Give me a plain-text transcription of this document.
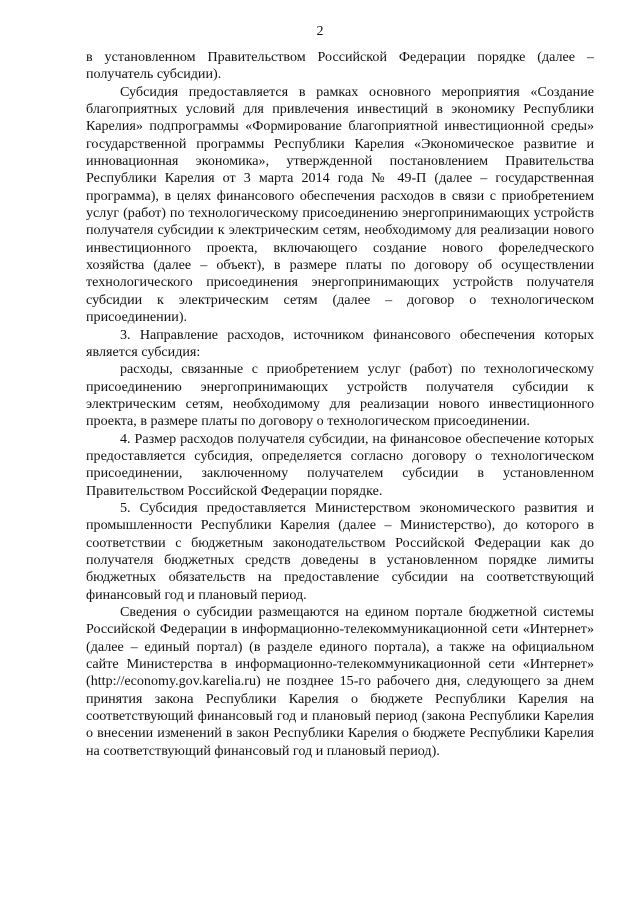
2

в установленном Правительством Российской Федерации порядке (далее – получатель субсидии).

Субсидия предоставляется в рамках основного мероприятия «Создание благоприятных условий для привлечения инвестиций в экономику Республики Карелия» подпрограммы «Формирование благоприятной инвестиционной среды» государственной программы Республики Карелия «Экономическое развитие и инновационная экономика», утвержденной постановлением Правительства Республики Карелия от 3 марта 2014 года № 49-П (далее – государственная программа), в целях финансового обеспечения расходов в связи с приобретением услуг (работ) по технологическому присоединению энергопринимающих устройств получателя субсидии к электрическим сетям, необходимому для реализации нового инвестиционного проекта, включающего создание нового фореледческого хозяйства (далее – объект), в размере платы по договору об осуществлении технологического присоединения энергопринимающих устройств получателя субсидии к электрическим сетям (далее – договор о технологическом присоединении).

3. Направление расходов, источником финансового обеспечения которых является субсидия:

расходы, связанные с приобретением услуг (работ) по технологическому присоединению энергопринимающих устройств получателя субсидии к электрическим сетям, необходимому для реализации нового инвестиционного проекта, в размере платы по договору о технологическом присоединении.

4. Размер расходов получателя субсидии, на финансовое обеспечение которых предоставляется субсидия, определяется согласно договору о технологическом присоединении, заключенному получателем субсидии в установленном Правительством Российской Федерации порядке.

5. Субсидия предоставляется Министерством экономического развития и промышленности Республики Карелия (далее – Министерство), до которого в соответствии с бюджетным законодательством Российской Федерации как до получателя бюджетных средств доведены в установленном порядке лимиты бюджетных обязательств на предоставление субсидии на соответствующий финансовый год и плановый период.

Сведения о субсидии размещаются на едином портале бюджетной системы Российской Федерации в информационно-телекоммуникационной сети «Интернет» (далее – единый портал) (в разделе единого портала), а также на официальном сайте Министерства в информационно-телекоммуникационной сети «Интернет» (http://economy.gov.karelia.ru) не позднее 15-го рабочего дня, следующего за днем принятия закона Республики Карелия о бюджете Республики Карелия на соответствующий финансовый год и плановый период (закона Республики Карелия о внесении изменений в закон Республики Карелия о бюджете Республики Карелия на соответствующий финансовый год и плановый период).
